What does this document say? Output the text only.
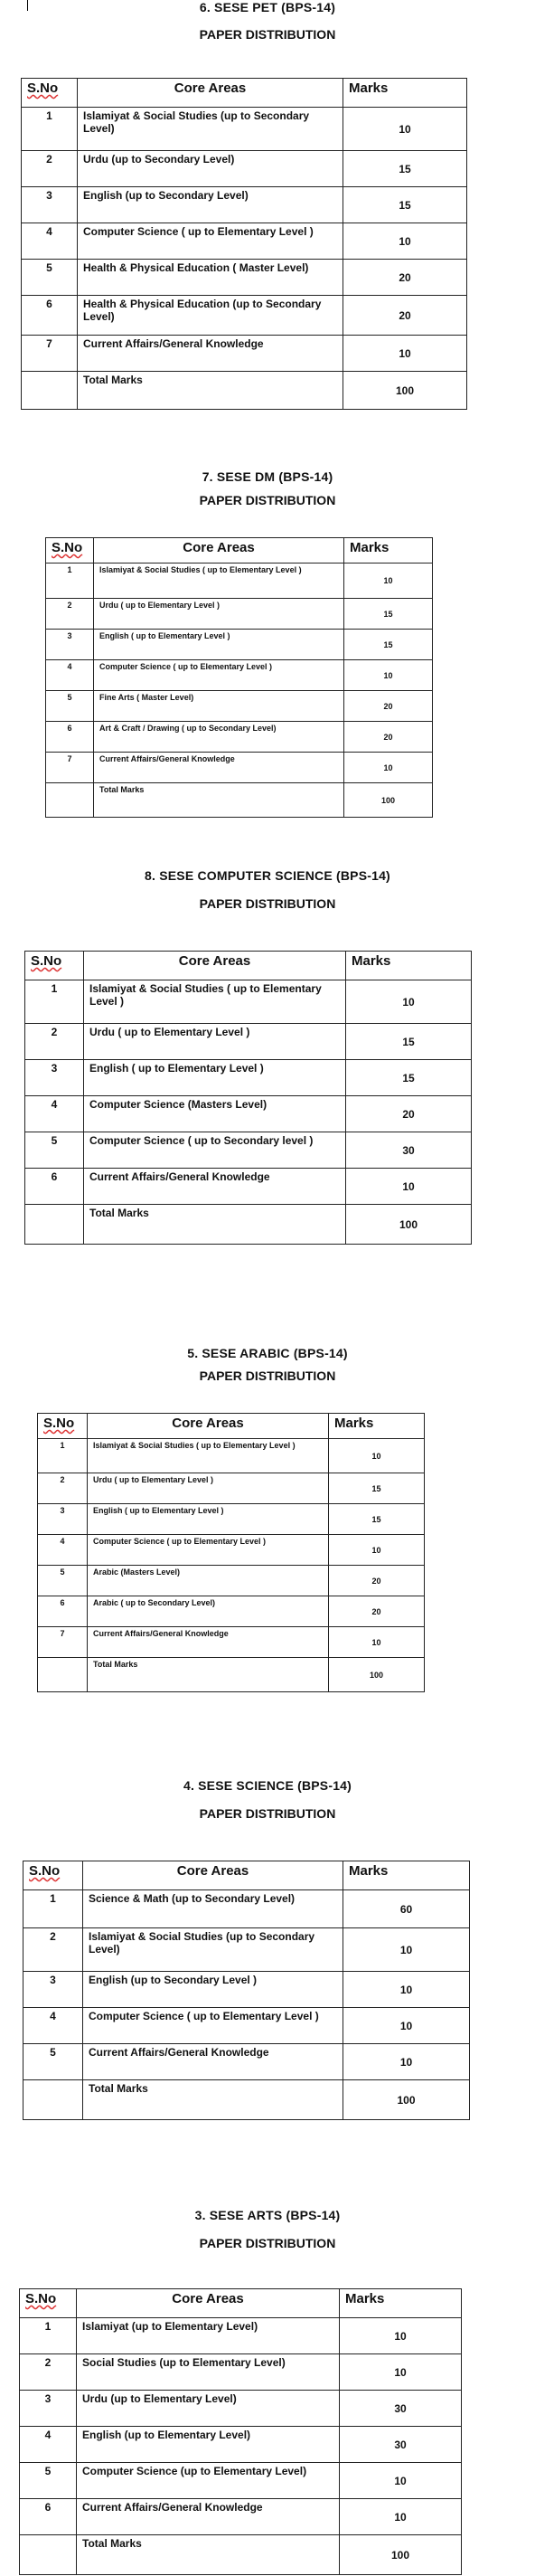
6. SESE PET (BPS-14)
PAPER DISTRIBUTION
S.No	Core Areas	Marks
1	Islamiyat & Social Studies (up to Secondary Level)	10
2	Urdu (up to Secondary Level)	15
3	English (up to Secondary Level)	15
4	Computer Science ( up to Elementary Level )	10
5	Health & Physical Education ( Master Level)	20
6	Health & Physical Education (up to Secondary Level)	20
7	Current Affairs/General Knowledge	10
	Total Marks	100
7. SESE DM (BPS-14)
PAPER DISTRIBUTION
S.No	Core Areas	Marks
1	Islamiyat & Social Studies ( up to Elementary Level )	10
2	Urdu ( up to Elementary Level )	15
3	English ( up to Elementary Level )	15
4	Computer Science ( up to Elementary Level )	10
5	Fine Arts ( Master Level)	20
6	Art & Craft / Drawing ( up to Secondary Level)	20
7	Current Affairs/General Knowledge	10
	Total Marks	100
8. SESE COMPUTER SCIENCE (BPS-14)
PAPER DISTRIBUTION
S.No	Core Areas	Marks
1	Islamiyat & Social Studies ( up to Elementary Level )	10
2	Urdu ( up to Elementary Level )	15
3	English ( up to Elementary Level )	15
4	Computer Science (Masters Level)	20
5	Computer Science ( up to Secondary level )	30
6	Current Affairs/General Knowledge	10
	Total Marks	100
5. SESE ARABIC (BPS-14)
PAPER DISTRIBUTION
S.No	Core Areas	Marks
1	Islamiyat & Social Studies ( up to Elementary Level )	10
2	Urdu ( up to Elementary Level )	15
3	English ( up to Elementary Level )	15
4	Computer Science ( up to Elementary Level )	10
5	Arabic (Masters Level)	20
6	Arabic ( up to Secondary Level)	20
7	Current Affairs/General Knowledge	10
	Total Marks	100
4. SESE SCIENCE (BPS-14)
PAPER DISTRIBUTION
S.No	Core Areas	Marks
1	Science & Math (up to Secondary Level)	60
2	Islamiyat & Social Studies (up to Secondary Level)	10
3	English (up to Secondary Level )	10
4	Computer Science ( up to Elementary Level )	10
5	Current Affairs/General Knowledge	10
	Total Marks	100
3. SESE ARTS (BPS-14)
PAPER DISTRIBUTION
S.No	Core Areas	Marks
1	Islamiyat (up to Elementary Level)	10
2	Social Studies (up to Elementary Level)	10
3	Urdu (up to Elementary Level)	30
4	English (up to Elementary Level)	30
5	Computer Science (up to Elementary Level)	10
6	Current Affairs/General Knowledge	10
	Total Marks	100
